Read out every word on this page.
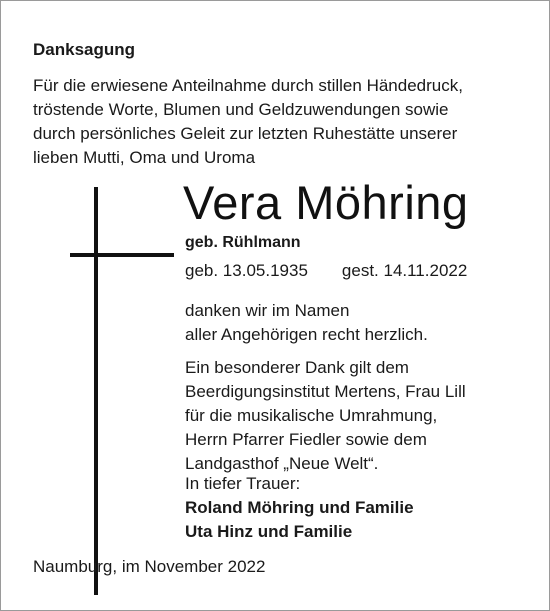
Danksagung
Für die erwiesene Anteilnahme durch stillen Händedruck,
tröstende Worte, Blumen und Geldzuwendungen sowie
durch persönliches Geleit zur letzten Ruhestätte unserer
lieben Mutti, Oma und Uroma
Vera Möhring
geb. Rühlmann
geb. 13.05.1935 gest. 14.11.2022
danken wir im Namen
aller Angehörigen recht herzlich.
Ein besonderer Dank gilt dem
Beerdigungsinstitut Mertens, Frau Lill
für die musikalische Umrahmung,
Herrn Pfarrer Fiedler sowie dem
Landgasthof „Neue Welt“.
In tiefer Trauer:
Roland Möhring und Familie
Uta Hinz und Familie
Naumburg, im November 2022
